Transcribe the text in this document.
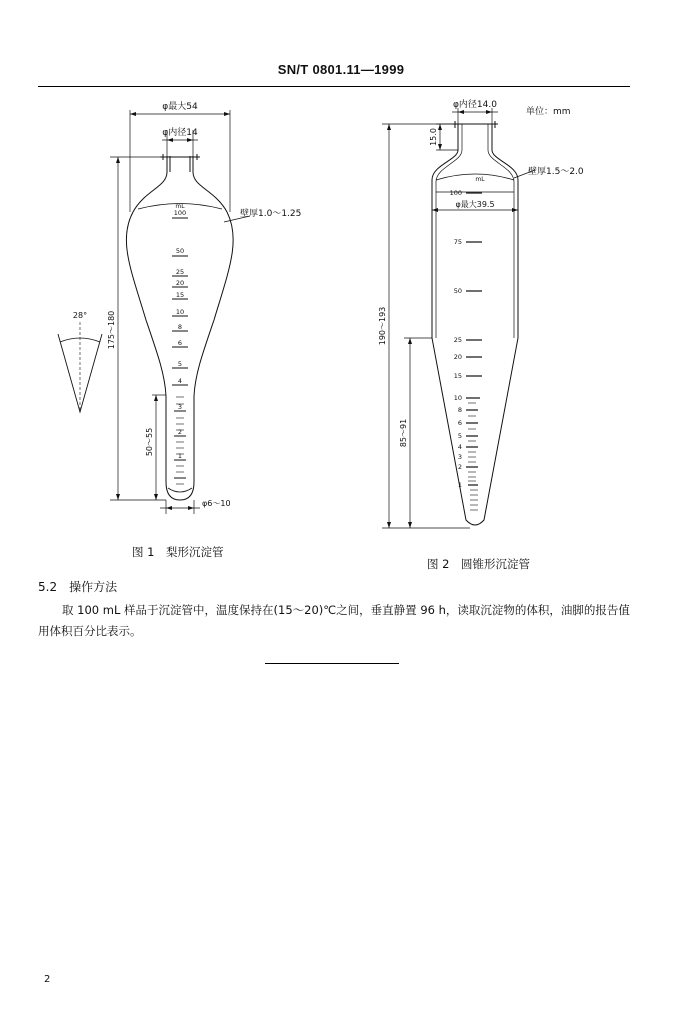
SN/T 0801.11—1999
φ最大54
φ内径14
壁厚1.0～1.25
28° 175～180
50～55
φ6～10
mL
100
50
25
20
15
10
8
6
5
4
3
2
1
φ内径14.0
单位：mm
15.0
壁厚1.5～2.0
φ最大39.5
190～193
85～91
mL
100
75
50
25
20
15
10
8
6
5
4
3
2
1
图 1　梨形沉淀管
图 2　圆锥形沉淀管
5.2　操作方法
取 100 mL 样品于沉淀管中，温度保持在(15～20)℃之间，垂直静置 96 h，读取沉淀物的体积，油脚的报告值用体积百分比表示。
2
